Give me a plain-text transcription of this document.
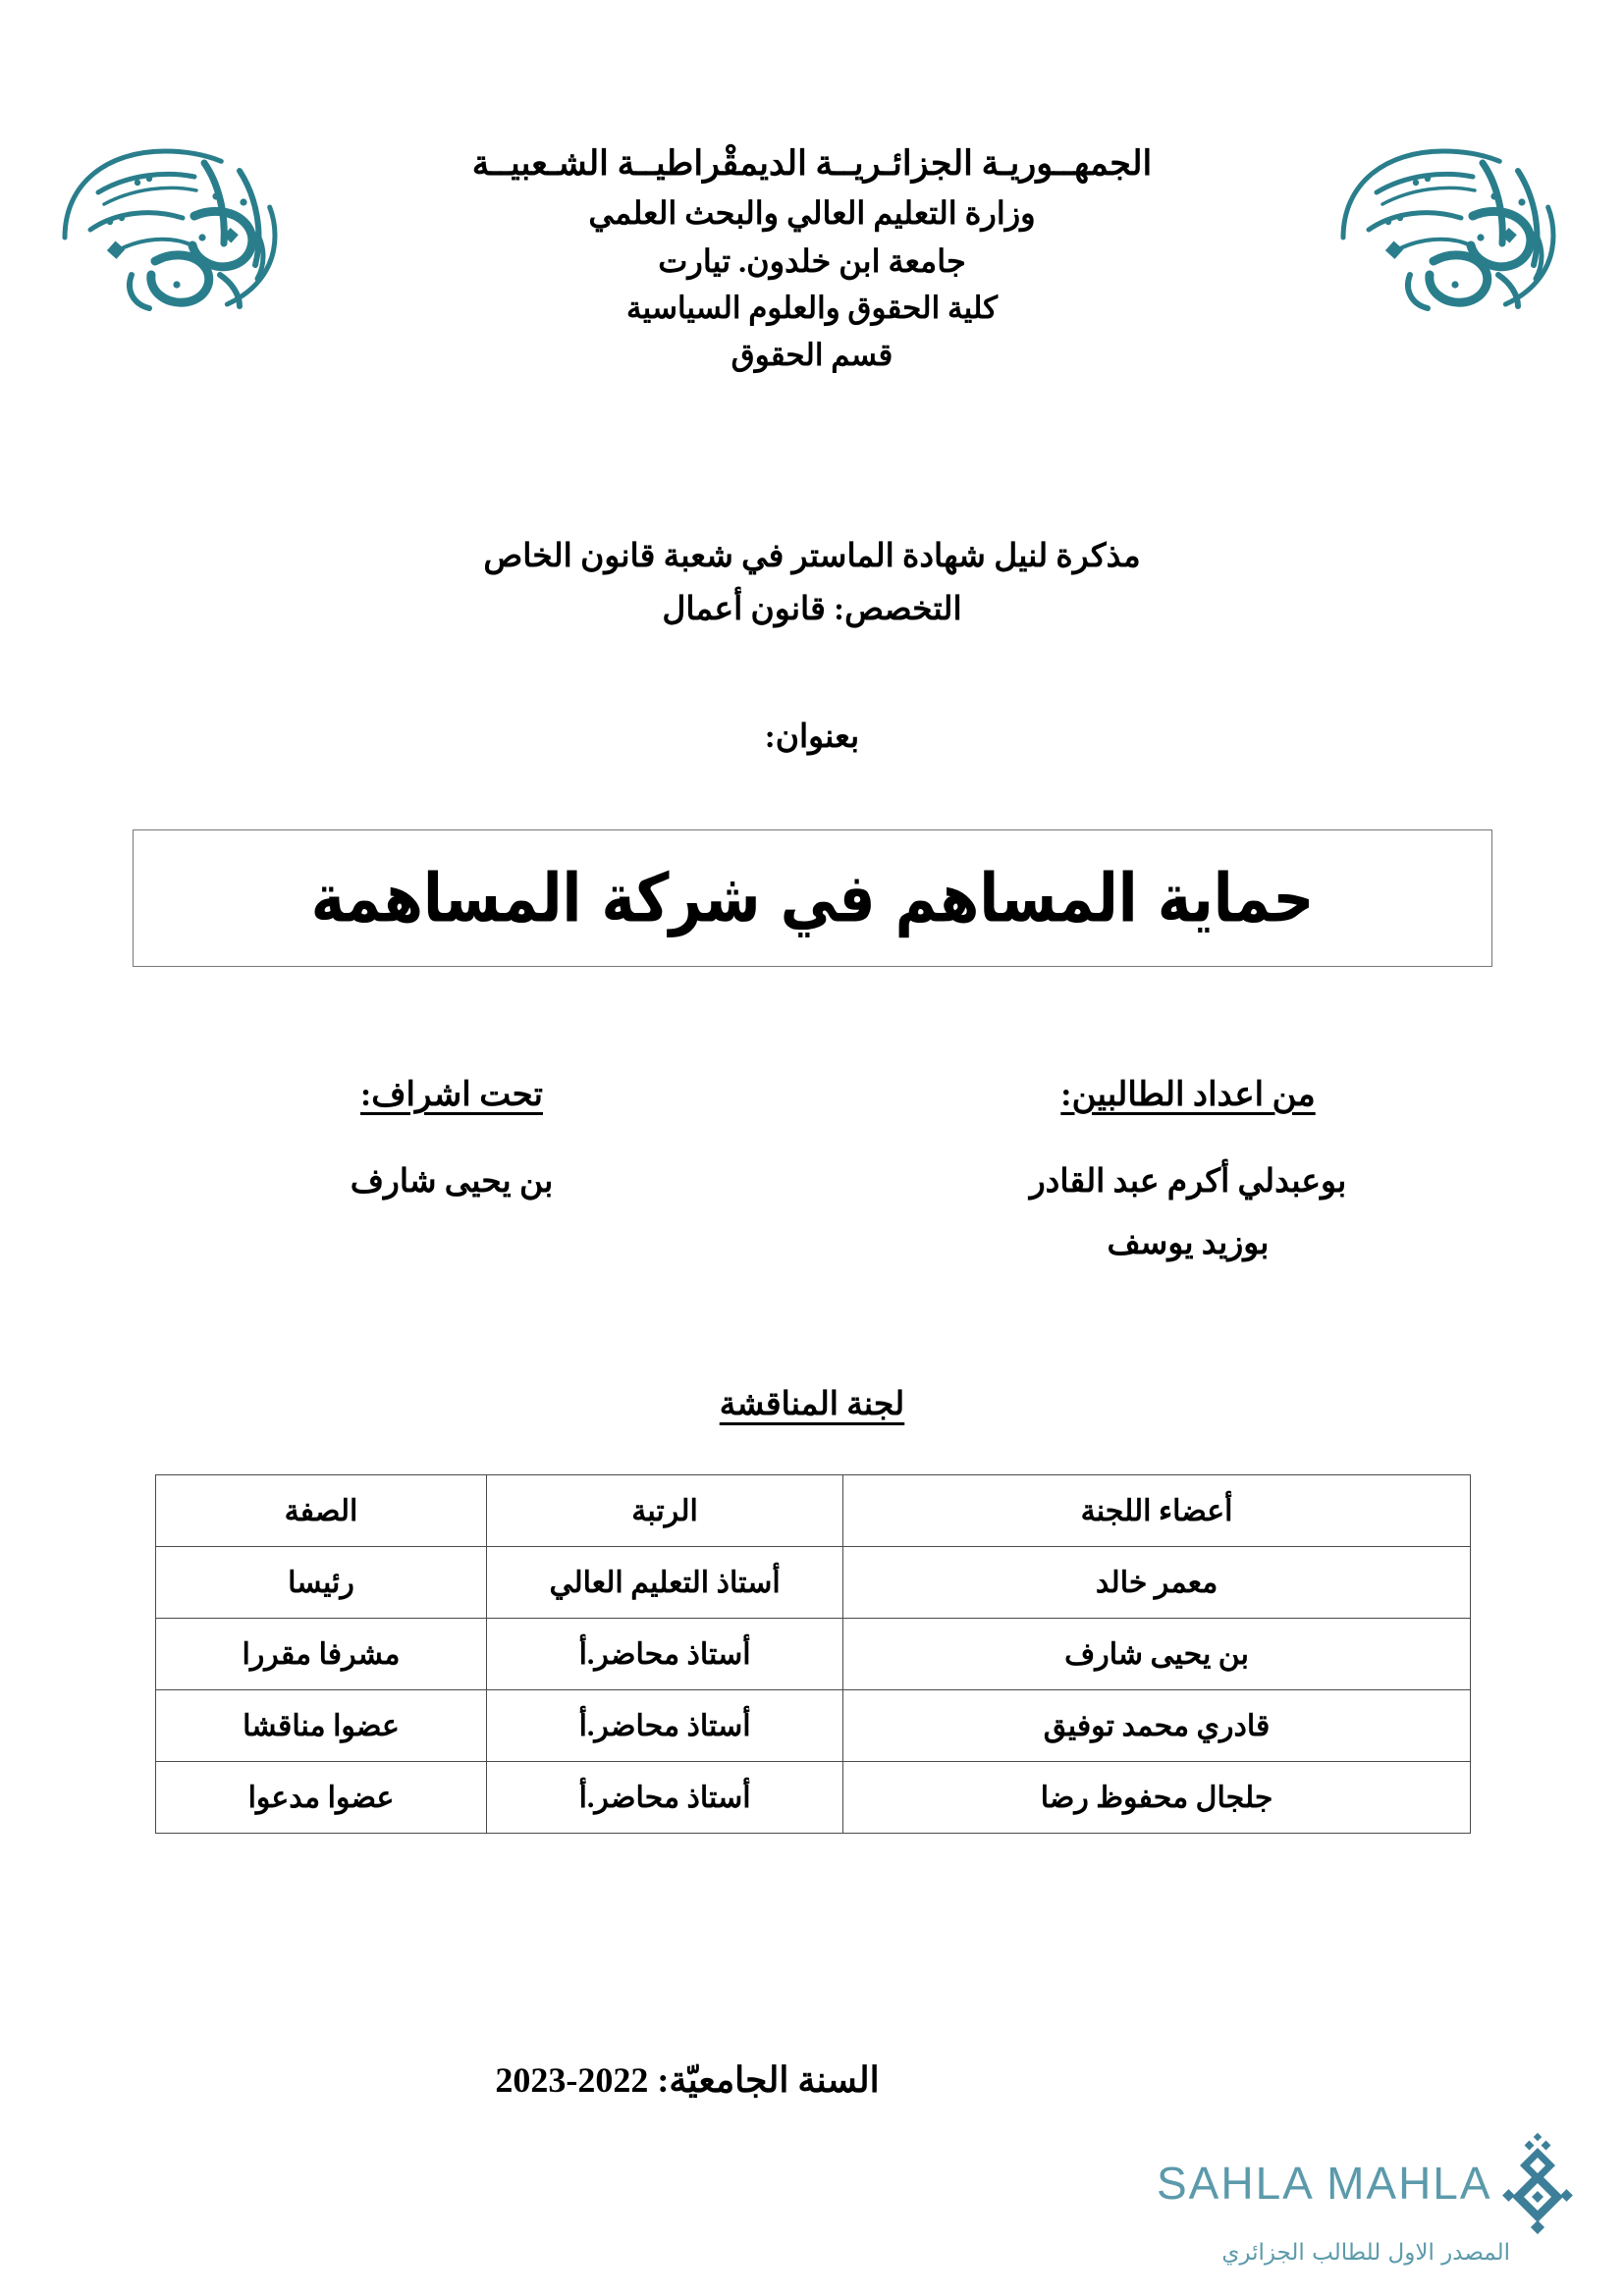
الجمهــوريـة الجزائـريــة الديمقْراطيــة الشـعبيــة
وزارة التعليم العالي والبحث العلمي
جامعة ابن خلدون. تيارت
كلية الحقوق والعلوم السياسية
قسم الحقوق
مذكرة لنيل شهادة الماستر في شعبة قانون الخاص
التخصص: قانون أعمال
بعنوان:
حماية المساهم في شركة المساهمة
من اعداد الطالبين:
بوعبدلي أكرم عبد القادر
بوزيد يوسف
تحت اشراف:
بن يحيى شارف
لجنة المناقشة
أعضاء اللجنة	الرتبة	الصفة
معمر خالد	أستاذ التعليم العالي	رئيسا
بن يحيى شارف	أستاذ محاضر.أ	مشرفا مقررا
قادري محمد توفيق	أستاذ محاضر.أ	عضوا مناقشا
جلجال محفوظ رضا	أستاذ محاضر.أ	عضوا مدعوا
السنة الجامعيّة: 2022-2023
SAHLA MAHLA
المصدر الاول للطالب الجزائري
